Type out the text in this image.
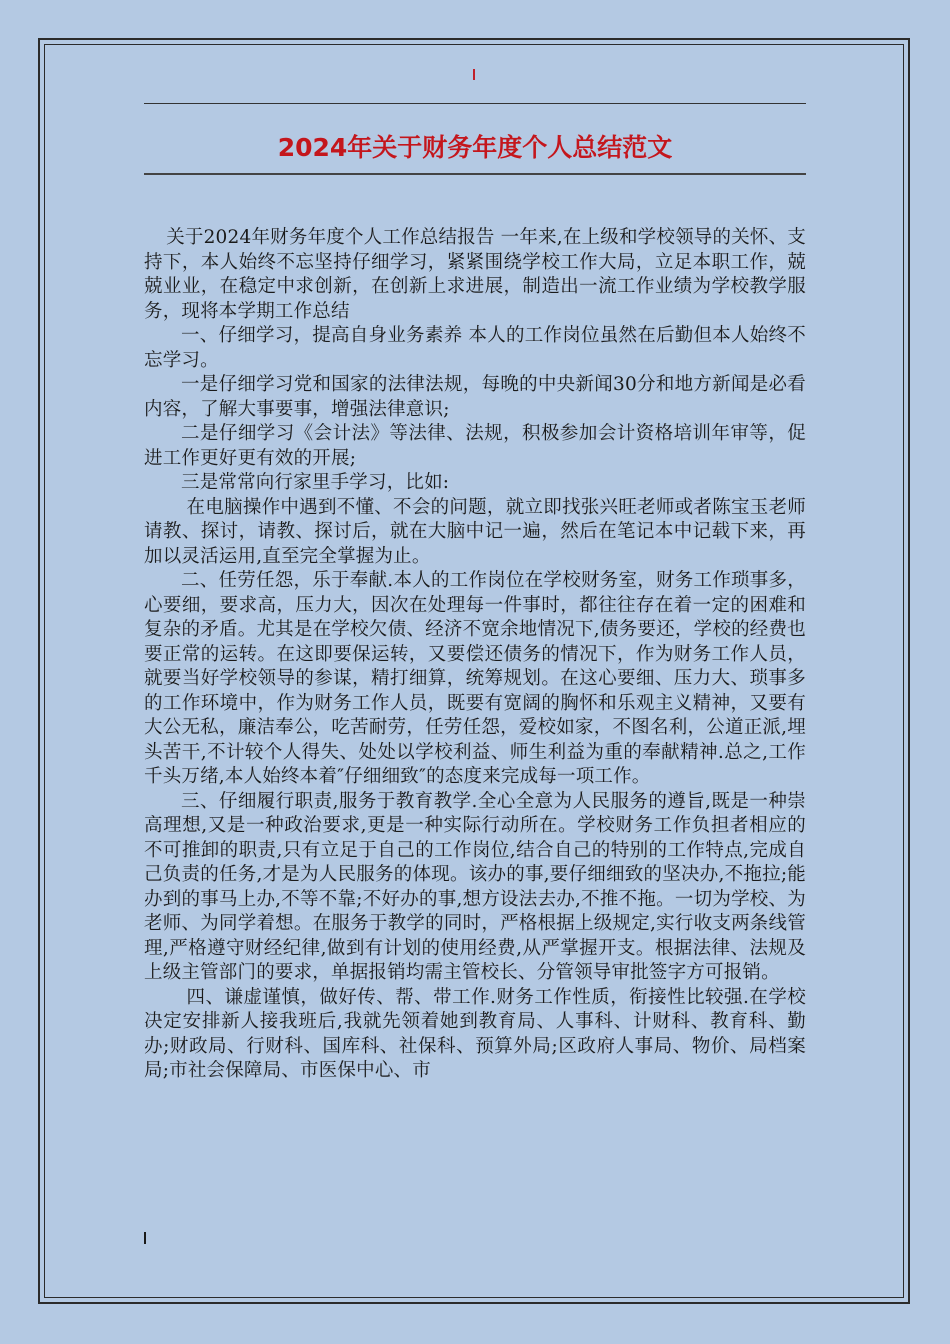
2024年关于财务年度个人总结范文

关于2024年财务年度个人工作总结报告 一年来,在上级和学校领导的关怀、支持下，本人始终不忘坚持仔细学习，紧紧围绕学校工作大局，立足本职工作，兢兢业业，在稳定中求创新，在创新上求进展，制造出一流工作业绩为学校教学服务，现将本学期工作总结

一、仔细学习，提高自身业务素养 本人的工作岗位虽然在后勤但本人始终不忘学习。

一是仔细学习党和国家的法律法规，每晚的中央新闻30分和地方新闻是必看内容，了解大事要事，增强法律意识;

二是仔细学习《会计法》等法律、法规，积极参加会计资格培训年审等，促进工作更好更有效的开展;

三是常常向行家里手学习，比如:

在电脑操作中遇到不懂、不会的问题，就立即找张兴旺老师或者陈宝玉老师请教、探讨，请教、探讨后，就在大脑中记一遍，然后在笔记本中记载下来，再加以灵活运用,直至完全掌握为止。

二、任劳任怨，乐于奉献.本人的工作岗位在学校财务室，财务工作琐事多，心要细，要求高，压力大，因次在处理每一件事时，都往往存在着一定的困难和复杂的矛盾。尤其是在学校欠债、经济不宽余地情况下,债务要还，学校的经费也要正常的运转。在这即要保运转，又要偿还债务的情况下，作为财务工作人员，就要当好学校领导的参谋，精打细算，统筹规划。在这心要细、压力大、琐事多的工作环境中，作为财务工作人员，既要有宽阔的胸怀和乐观主义精神，又要有大公无私，廉洁奉公，吃苦耐劳，任劳任怨，爱校如家，不图名利，公道正派,埋头苦干,不计较个人得失、处处以学校利益、师生利益为重的奉献精神.总之,工作千头万绪,本人始终本着″仔细细致″的态度来完成每一项工作。

三、仔细履行职责,服务于教育教学.全心全意为人民服务的遵旨,既是一种崇高理想,又是一种政治要求,更是一种实际行动所在。学校财务工作负担者相应的不可推卸的职责,只有立足于自己的工作岗位,结合自己的特别的工作特点,完成自己负责的任务,才是为人民服务的体现。该办的事,要仔细细致的坚决办,不拖拉;能办到的事马上办,不等不靠;不好办的事,想方设法去办,不推不拖。一切为学校、为老师、为同学着想。在服务于教学的同时，严格根据上级规定,实行收支两条线管理,严格遵守财经纪律,做到有计划的使用经费,从严掌握开支。根据法律、法规及上级主管部门的要求，单据报销均需主管校长、分管领导审批签字方可报销。

四、谦虚谨慎，做好传、帮、带工作.财务工作性质，衔接性比较强.在学校决定安排新人接我班后,我就先领着她到教育局、人事科、计财科、教育科、勤办;财政局、行财科、国库科、社保科、预算外局;区政府人事局、物价、局档案局;市社会保障局、市医保中心、市
